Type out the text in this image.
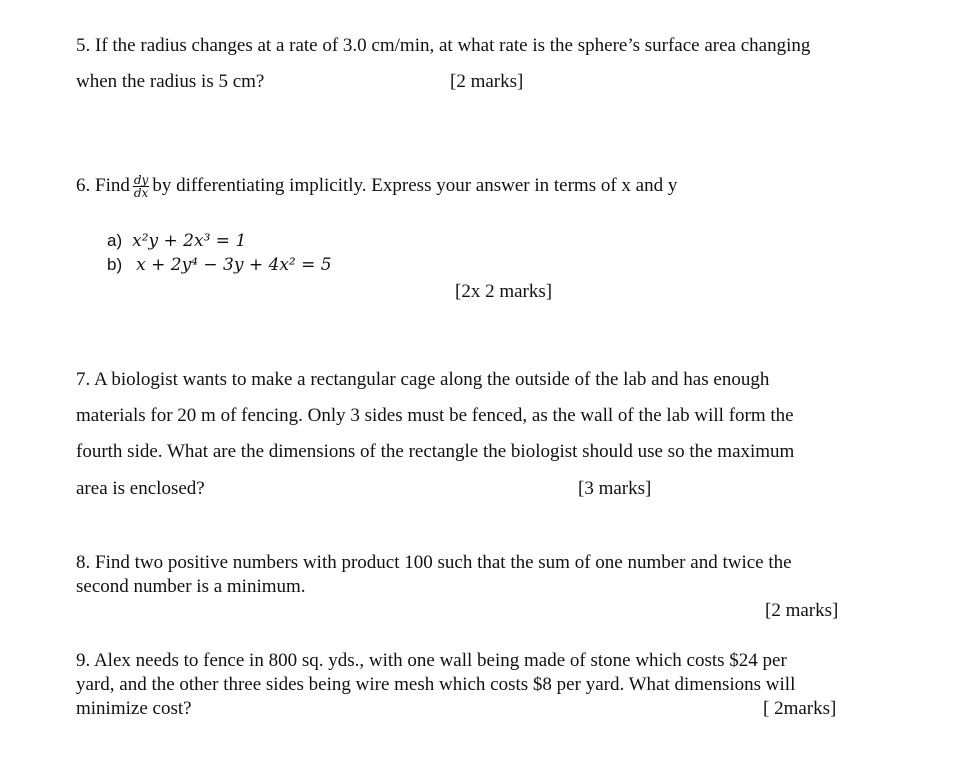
5. If the radius changes at a rate of 3.0 cm/min, at what rate is the sphere’s surface area changing
when the radius is 5 cm?	[2 marks]
6. Find $\frac{dy}{dx}$ by differentiating implicitly. Express your answer in terms of x and y
a) x²y + 2x³ = 1
b) x + 2y⁴ − 3y + 4x² = 5
[2x 2 marks]
7. A biologist wants to make a rectangular cage along the outside of the lab and has enough
materials for 20 m of fencing. Only 3 sides must be fenced, as the wall of the lab will form the
fourth side. What are the dimensions of the rectangle the biologist should use so the maximum
area is enclosed?	[3 marks]
8. Find two positive numbers with product 100 such that the sum of one number and twice the
second number is a minimum.
[2 marks]
9. Alex needs to fence in 800 sq. yds., with one wall being made of stone which costs $24 per
yard, and the other three sides being wire mesh which costs $8 per yard. What dimensions will
minimize cost?	[ 2marks]
